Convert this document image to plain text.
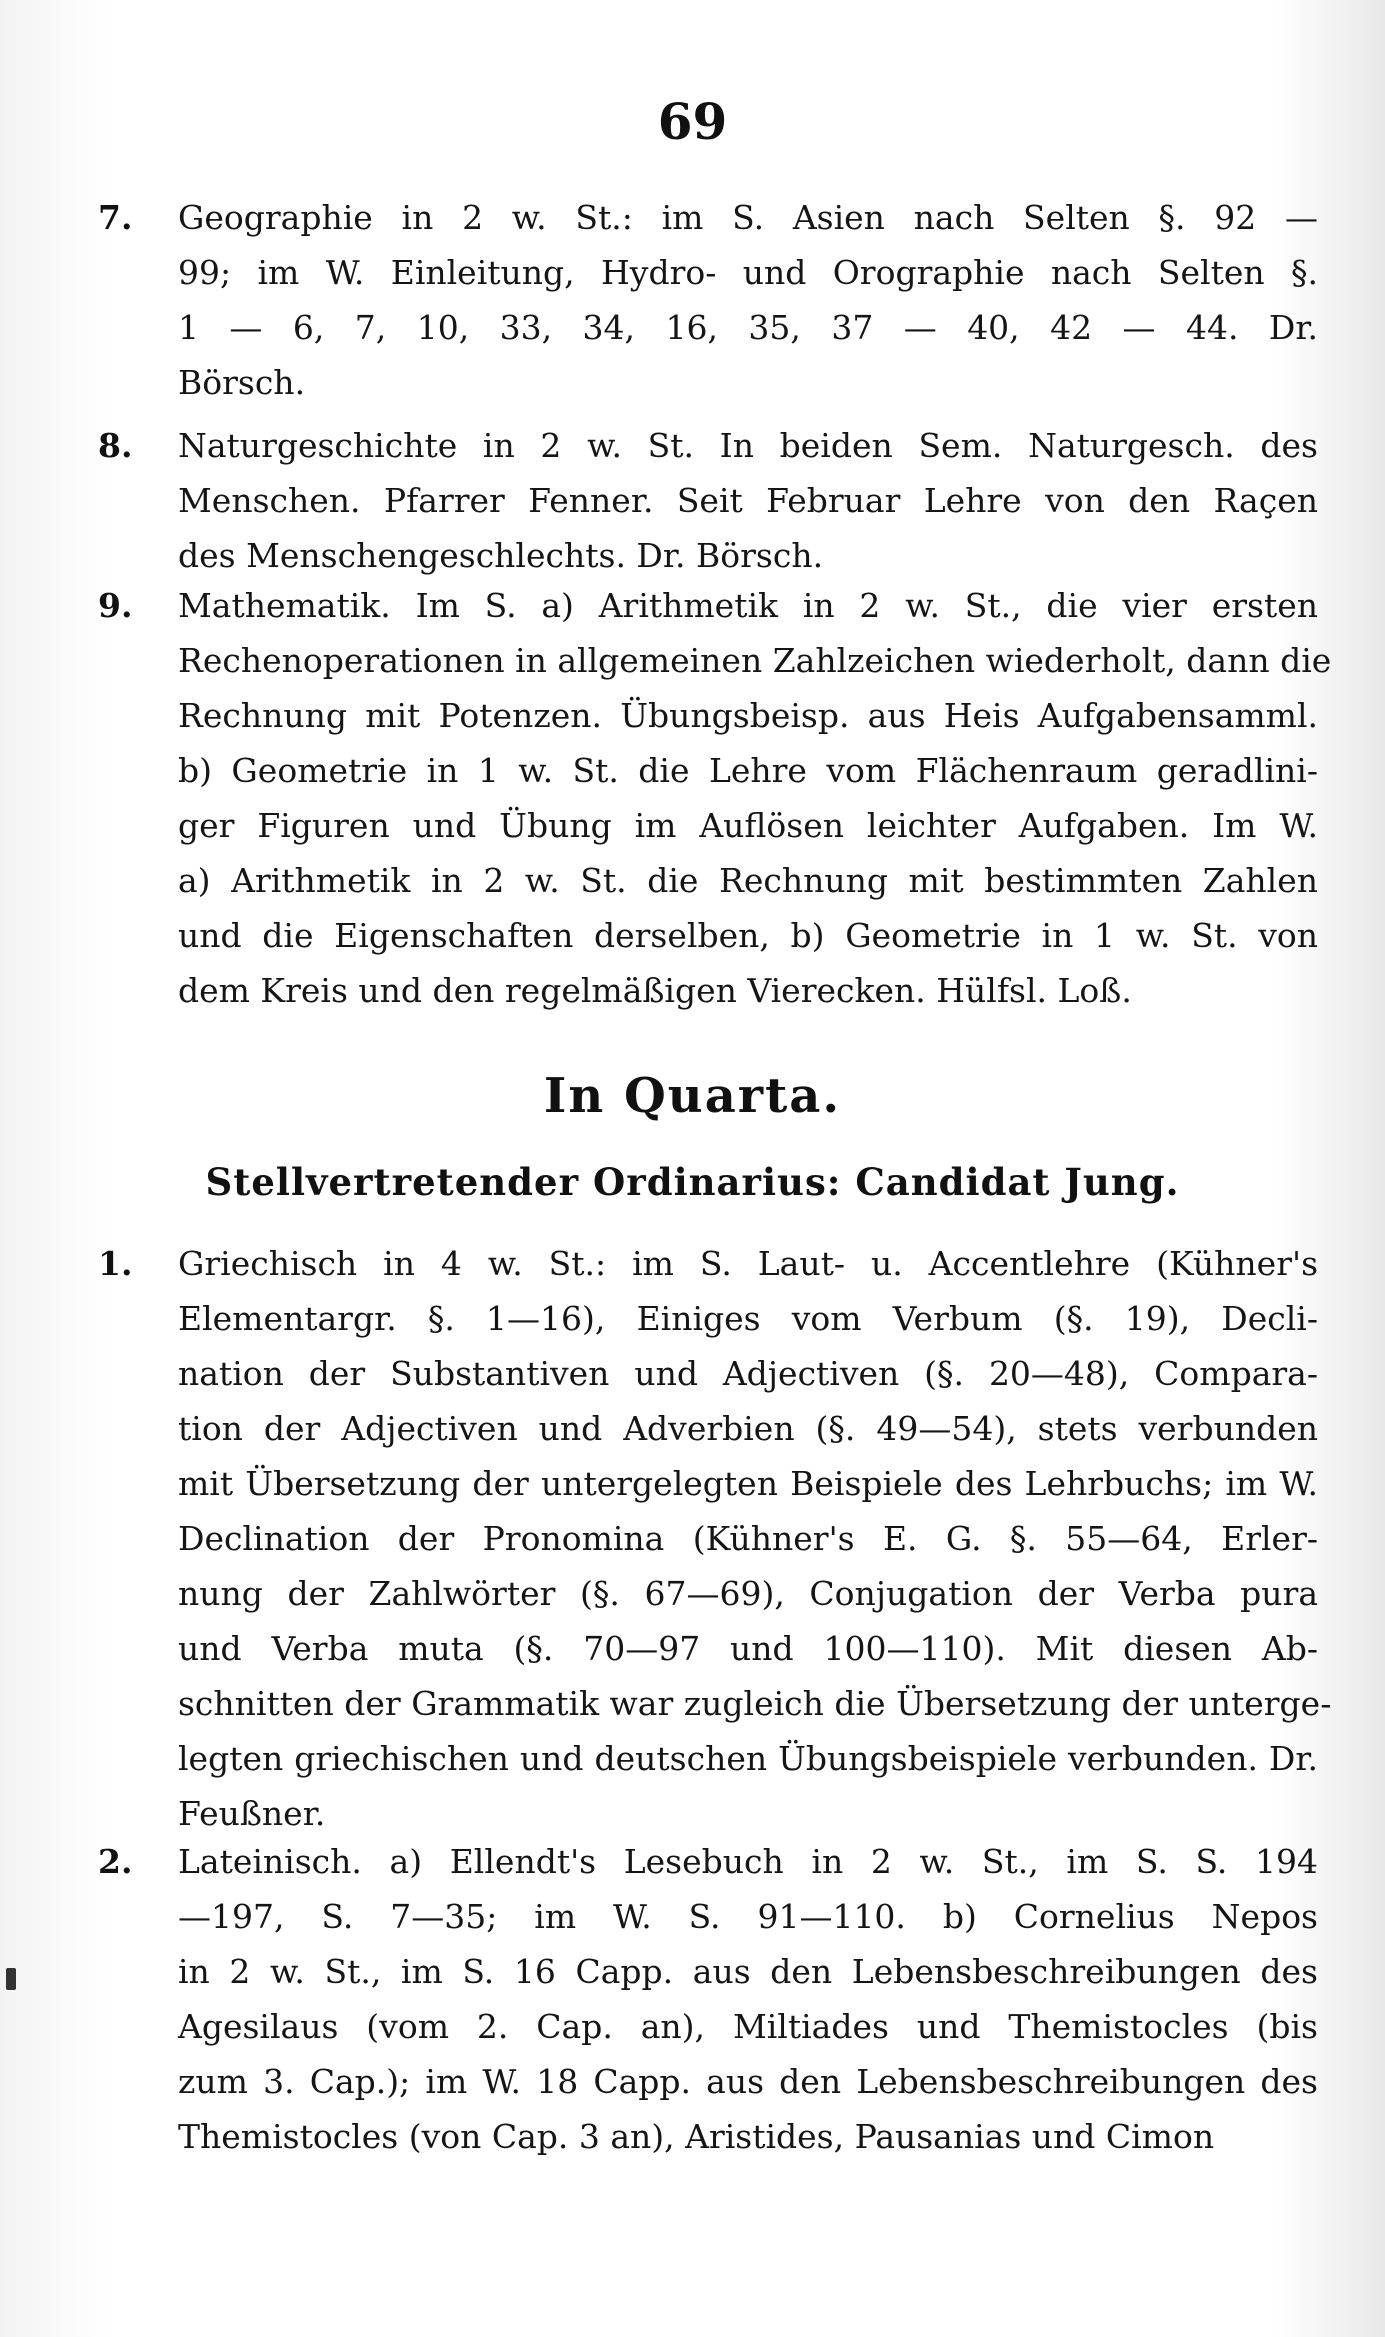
69
7.	Geographie in 2 w. St.: im S. Asien nach Selten §. 92 —
99; im W. Einleitung, Hydro- und Orographie nach Selten §.
1 — 6, 7, 10, 33, 34, 16, 35, 37 — 40, 42 — 44. Dr.
Börsch.
8.	Naturgeschichte in 2 w. St. In beiden Sem. Naturgesch. des
Menschen. Pfarrer Fenner. Seit Februar Lehre von den Raçen
des Menschengeschlechts. Dr. Börsch.
9.	Mathematik. Im S. a) Arithmetik in 2 w. St., die vier ersten
Rechenoperationen in allgemeinen Zahlzeichen wiederholt, dann die
Rechnung mit Potenzen. Übungsbeisp. aus Heis Aufgabensamml.
b) Geometrie in 1 w. St. die Lehre vom Flächenraum geradlini-
ger Figuren und Übung im Auflösen leichter Aufgaben. Im W.
a) Arithmetik in 2 w. St. die Rechnung mit bestimmten Zahlen
und die Eigenschaften derselben, b) Geometrie in 1 w. St. von
dem Kreis und den regelmäßigen Vierecken. Hülfsl. Loß.
In Quarta.
Stellvertretender Ordinarius: Candidat Jung.
1.	Griechisch in 4 w. St.: im S. Laut- u. Accentlehre (Kühner's
Elementargr. §. 1—16), Einiges vom Verbum (§. 19), Decli-
nation der Substantiven und Adjectiven (§. 20—48), Compara-
tion der Adjectiven und Adverbien (§. 49—54), stets verbunden
mit Übersetzung der untergelegten Beispiele des Lehrbuchs; im W.
Declination der Pronomina (Kühner's E. G. §. 55—64, Erler-
nung der Zahlwörter (§. 67—69), Conjugation der Verba pura
und Verba muta (§. 70—97 und 100—110). Mit diesen Ab-
schnitten der Grammatik war zugleich die Übersetzung der unterge-
legten griechischen und deutschen Übungsbeispiele verbunden. Dr.
Feußner.
2.	Lateinisch. a) Ellendt's Lesebuch in 2 w. St., im S. S. 194
—197, S. 7—35; im W. S. 91—110. b) Cornelius Nepos
in 2 w. St., im S. 16 Capp. aus den Lebensbeschreibungen des
Agesilaus (vom 2. Cap. an), Miltiades und Themistocles (bis
zum 3. Cap.); im W. 18 Capp. aus den Lebensbeschreibungen des
Themistocles (von Cap. 3 an), Aristides, Pausanias und Cimon
